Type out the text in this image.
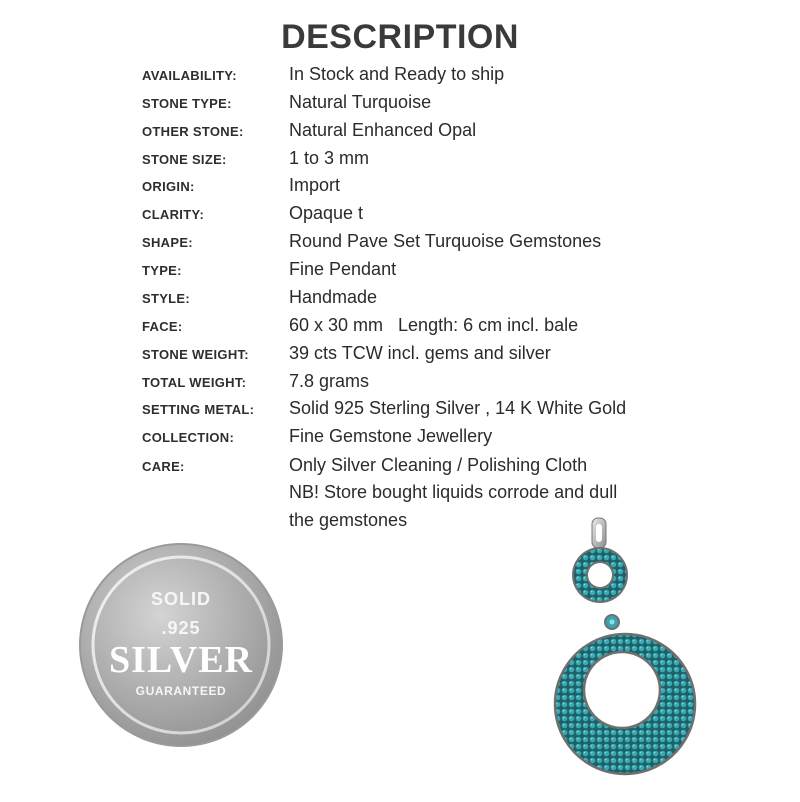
DESCRIPTION
AVAILABILITY:	In Stock and Ready to ship
STONE TYPE:	Natural Turquoise
OTHER STONE:	Natural Enhanced Opal
STONE SIZE:	1 to 3 mm
ORIGIN:	Import
CLARITY:	Opaque t
SHAPE:	Round Pave Set Turquoise Gemstones
TYPE:	Fine Pendant
STYLE:	Handmade
FACE:	60 x 30 mm   Length: 6 cm incl. bale
STONE WEIGHT: 39 cts TCW incl. gems and silver
TOTAL WEIGHT: 7.8 grams
SETTING METAL: Solid 925 Sterling Silver , 14 K White Gold
COLLECTION:	Fine Gemstone Jewellery
CARE:	Only Silver Cleaning / Polishing Cloth
NB! Store bought liquids corrode and dull
the gemstones
SOLID
.925
SILVER
GUARANTEED
